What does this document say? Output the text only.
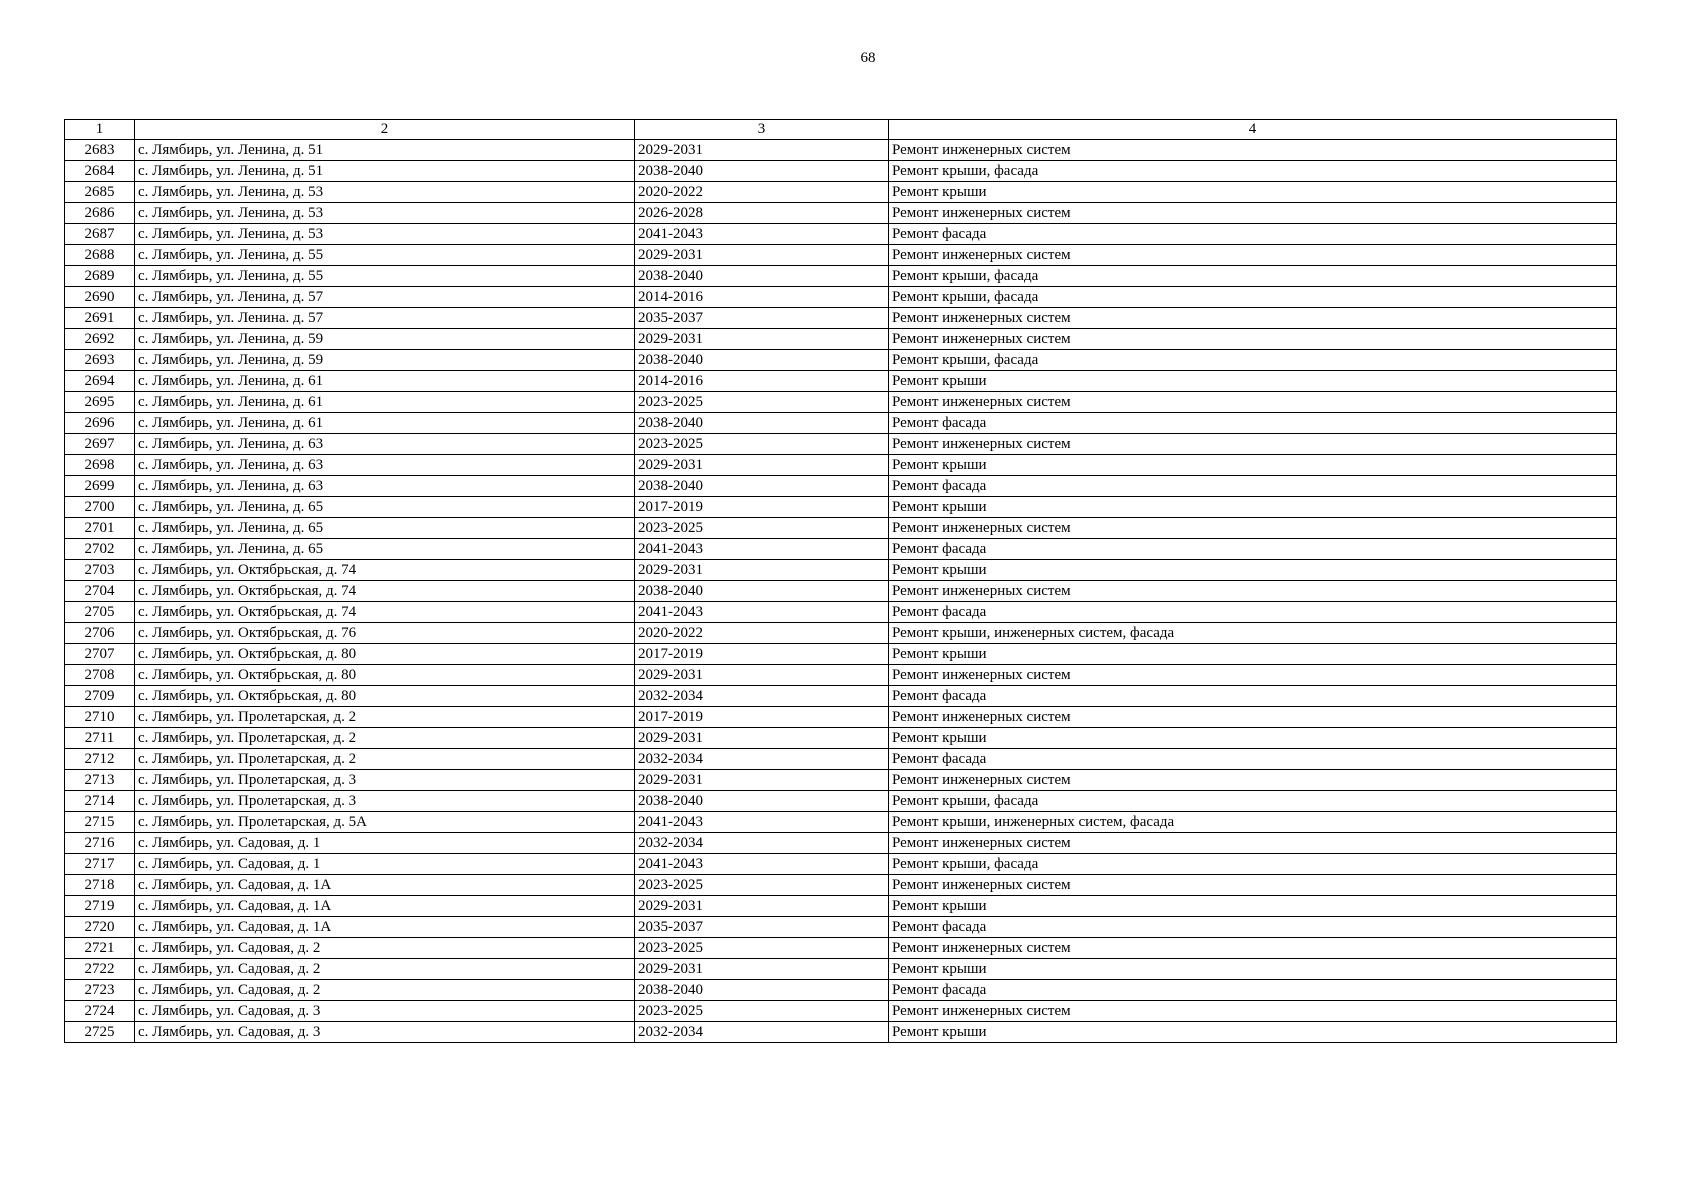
68
1	2	3	4
2683	с. Лямбирь, ул. Ленина, д. 51	2029-2031	Ремонт инженерных систем
2684	с. Лямбирь, ул. Ленина, д. 51	2038-2040	Ремонт крыши, фасада
2685	с. Лямбирь, ул. Ленина, д. 53	2020-2022	Ремонт крыши
2686	с. Лямбирь, ул. Ленина, д. 53	2026-2028	Ремонт инженерных систем
2687	с. Лямбирь, ул. Ленина, д. 53	2041-2043	Ремонт фасада
2688	с. Лямбирь, ул. Ленина, д. 55	2029-2031	Ремонт инженерных систем
2689	с. Лямбирь, ул. Ленина, д. 55	2038-2040	Ремонт крыши, фасада
2690	с. Лямбирь, ул. Ленина, д. 57	2014-2016	Ремонт крыши, фасада
2691	с. Лямбирь, ул. Ленина. д. 57	2035-2037	Ремонт инженерных систем
2692	с. Лямбирь, ул. Ленина, д. 59	2029-2031	Ремонт инженерных систем
2693	с. Лямбирь, ул. Ленина, д. 59	2038-2040	Ремонт крыши, фасада
2694	с. Лямбирь, ул. Ленина, д. 61	2014-2016	Ремонт крыши
2695	с. Лямбирь, ул. Ленина, д. 61	2023-2025	Ремонт инженерных систем
2696	с. Лямбирь, ул. Ленина, д. 61	2038-2040	Ремонт фасада
2697	с. Лямбирь, ул. Ленина, д. 63	2023-2025	Ремонт инженерных систем
2698	с. Лямбирь, ул. Ленина, д. 63	2029-2031	Ремонт крыши
2699	с. Лямбирь, ул. Ленина, д. 63	2038-2040	Ремонт фасада
2700	с. Лямбирь, ул. Ленина, д. 65	2017-2019	Ремонт крыши
2701	с. Лямбирь, ул. Ленина, д. 65	2023-2025	Ремонт инженерных систем
2702	с. Лямбирь, ул. Ленина, д. 65	2041-2043	Ремонт фасада
2703	с. Лямбирь, ул. Октябрьская, д. 74	2029-2031	Ремонт крыши
2704	с. Лямбирь, ул. Октябрьская, д. 74	2038-2040	Ремонт инженерных систем
2705	с. Лямбирь, ул. Октябрьская, д. 74	2041-2043	Ремонт фасада
2706	с. Лямбирь, ул. Октябрьская, д. 76	2020-2022	Ремонт крыши, инженерных систем, фасада
2707	с. Лямбирь, ул. Октябрьская, д. 80	2017-2019	Ремонт крыши
2708	с. Лямбирь, ул. Октябрьская, д. 80	2029-2031	Ремонт инженерных систем
2709	с. Лямбирь, ул. Октябрьская, д. 80	2032-2034	Ремонт фасада
2710	с. Лямбирь, ул. Пролетарская, д. 2	2017-2019	Ремонт инженерных систем
2711	с. Лямбирь, ул. Пролетарская, д. 2	2029-2031	Ремонт крыши
2712	с. Лямбирь, ул. Пролетарская, д. 2	2032-2034	Ремонт фасада
2713	с. Лямбирь, ул. Пролетарская, д. 3	2029-2031	Ремонт инженерных систем
2714	с. Лямбирь, ул. Пролетарская, д. 3	2038-2040	Ремонт крыши, фасада
2715	с. Лямбирь, ул. Пролетарская, д. 5А	2041-2043	Ремонт крыши, инженерных систем, фасада
2716	с. Лямбирь, ул. Садовая, д. 1	2032-2034	Ремонт инженерных систем
2717	с. Лямбирь, ул. Садовая, д. 1	2041-2043	Ремонт крыши, фасада
2718	с. Лямбирь, ул. Садовая, д. 1А	2023-2025	Ремонт инженерных систем
2719	с. Лямбирь, ул. Садовая, д. 1А	2029-2031	Ремонт крыши
2720	с. Лямбирь, ул. Садовая, д. 1А	2035-2037	Ремонт фасада
2721	с. Лямбирь, ул. Садовая, д. 2	2023-2025	Ремонт инженерных систем
2722	с. Лямбирь, ул. Садовая, д. 2	2029-2031	Ремонт крыши
2723	с. Лямбирь, ул. Садовая, д. 2	2038-2040	Ремонт фасада
2724	с. Лямбирь, ул. Садовая, д. 3	2023-2025	Ремонт инженерных систем
2725	с. Лямбирь, ул. Садовая, д. 3	2032-2034	Ремонт крыши
